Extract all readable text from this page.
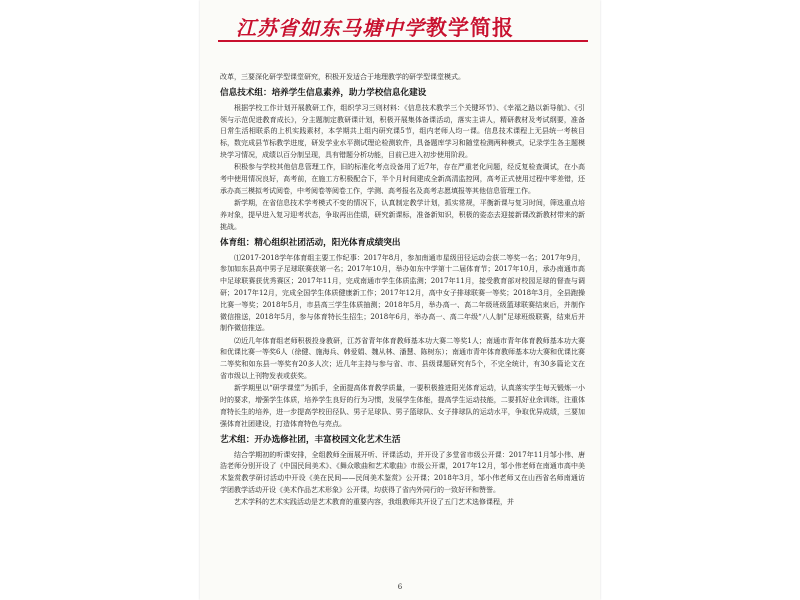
江苏省如东马塘中学 教学简报

改革，三要深化研学型课堂研究，积极开发适合于地理教学的研学型课堂模式。

信息技术组：培养学生信息素养，助力学校信息化建设

根据学校工作计划开展教研工作，组织学习三则材料：《信息技术教学三个关键环节》、《幸福之路以新导航》、《引领与示范促进教育成长》，分主题制定教研课计划，积极开展集体备课活动，落实主讲人，精研教材及考试纲要，准备日常生活相联系的上机实践素材，本学期共上组内研究课5节，组内老师人均一课。信息技术课程上无县统一考核目标，数完成县节标教学进度，研发学业水平测试理论检测软件，具备题库学习和随堂检测两种模式，记录学生各主题模块学习情况，成绩以百分制呈现，具有错题分析功能，目前已进入初步使用阶段。

积极参与学校其他信息管理工作，旧的标准化考点设备用了近7年，存在严重老化问题，经反复检查调试，在小高考中使用情况良好，高考前，在施工方积极配合下，半个月时间建成全新高清监控网，高考正式使用过程中零差错，还承办高三模拟考试阅卷，中考阅卷等阅卷工作，学测、高考报名及高考志愿填报等其他信息管理工作。

新学期，在省信息技术学考模式不变的情况下，认真制定教学计划，抓实常规，平衡新课与复习时间，筛选重点培养对象，提早进入复习迎考状态，争取再出佳绩，研究新课标，准备新知识，积极的姿态去迎接新课改新教材带来的新挑战。

体育组：精心组织社团活动，阳光体育成绩突出

⑴2017-2018学年体育组主要工作纪事：2017年8月，参加南通市星级田径运动会获二等奖一名；2017年9月，参加如东县高中男子足球联赛获第一名；2017年10月，举办如东中学第十二届体育节；2017年10月，承办南通市高中足球联赛获优秀赛区；2017年11月，完成南通市学生体质监测；2017年11月，接受教育部对校园足球的督查与调研；2017年12月，完成全国学生体质健康新工作；2017年12月，高中女子排球联赛一等奖；2018年3月，全县跑操比赛一等奖；2018年5月，市县高三学生体质抽测；2018年5月，举办高一、高二年级班级篮球联赛结束后，并制作微信推送，2018年5月，参与体育特长生招生；2018年6月，举办高一、高二年级“八人制”足球班级联赛，结束后并制作微信推送。

⑵近几年体育组老师积极投身教研，江苏省青年体育教师基本功大赛二等奖1人；南通市青年体育教师基本功大赛和优课比赛一等奖6人（徐健、施海兵、韩爱娟、魏从林、潘慧、陈树东）；南通市青年体育教师基本功大赛和优课比赛二等奖和如东县一等奖有20多人次；近几年主持与参与省、市、县级课题研究有5个，不完全统计，有30多篇论文在省市级以上刊物发表或获奖。

新学期里以“研学课堂”为抓手，全面提高体育教学质量，一要积极推进阳光体育运动，认真落实学生每天锻炼一小时的要求，增强学生体质，培养学生良好的行为习惯，发展学生体能，提高学生运动技能，二要抓好业余训练，注重体育特长生的培养，进一步提高学校田径队、男子足球队、男子篮球队、女子排球队的运动水平，争取优异成绩，三要加强体育社团建设，打造体育特色与亮点。

艺术组：开办选修社团，丰富校园文化艺术生活

结合学期初的听课安排，全组教师全面展开听、评课活动，并开设了多堂省市级公开课：2017年11月邹小伟、唐浩老师分别开设了《中国民间美术》、《舞众歌曲和艺术歌曲》市级公开课，2017年12月，邹小伟老师在南通市高中美术鉴赏教学研讨活动中开设《美在民间——民间美术鉴赏》公开课；2018年3月，邹小伟老师又在山西省名师南通访学团教学活动开设《美术作品艺术形象》公开课，均获得了省内外同行的一致好评和赞誉。

艺术学科的艺术实践活动是艺术教育的重要内容，我组教师共开设了五门艺术选修课程，并

6
